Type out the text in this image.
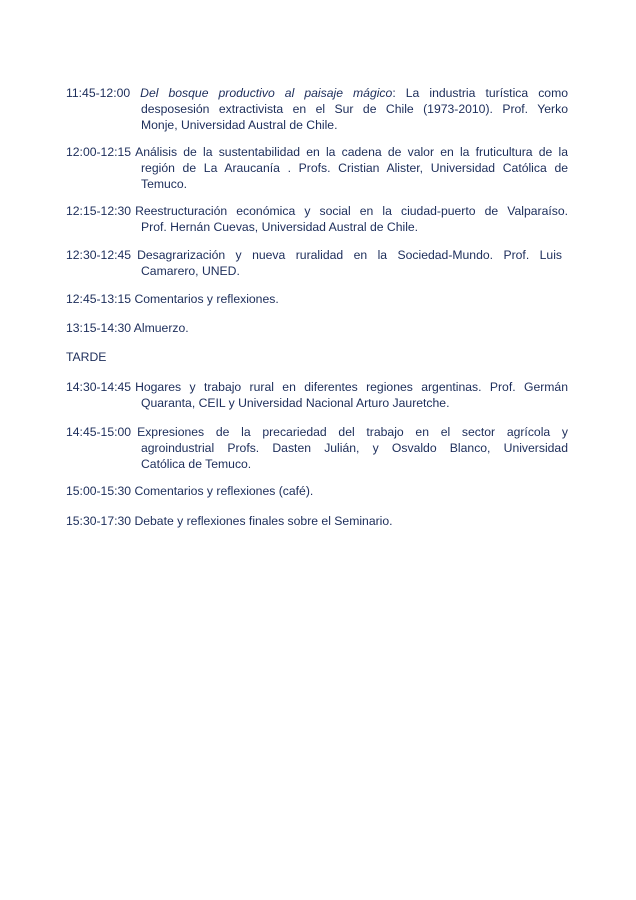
11:45-12:00 Del bosque productivo al paisaje mágico: La industria turística como
desposesión extractivista en el Sur de Chile (1973-2010). Prof. Yerko
Monje, Universidad Austral de Chile.
12:00-12:15 Análisis de la sustentabilidad en la cadena de valor en la fruticultura de la
región de La Araucanía . Profs. Cristian Alister, Universidad Católica de
Temuco.
12:15-12:30 Reestructuración económica y social en la ciudad-puerto de Valparaíso.
Prof. Hernán Cuevas, Universidad Austral de Chile.
12:30-12:45 Desagrarización y nueva ruralidad en la Sociedad-Mundo. Prof. Luis
Camarero, UNED.
12:45-13:15 Comentarios y reflexiones.
13:15-14:30 Almuerzo.
TARDE
14:30-14:45 Hogares y trabajo rural en diferentes regiones argentinas. Prof. Germán
Quaranta, CEIL y Universidad Nacional Arturo Jauretche.
14:45-15:00 Expresiones de la precariedad del trabajo en el sector agrícola y
agroindustrial Profs. Dasten Julián, y Osvaldo Blanco, Universidad
Católica de Temuco.
15:00-15:30 Comentarios y reflexiones (café).
15:30-17:30 Debate y reflexiones finales sobre el Seminario.
